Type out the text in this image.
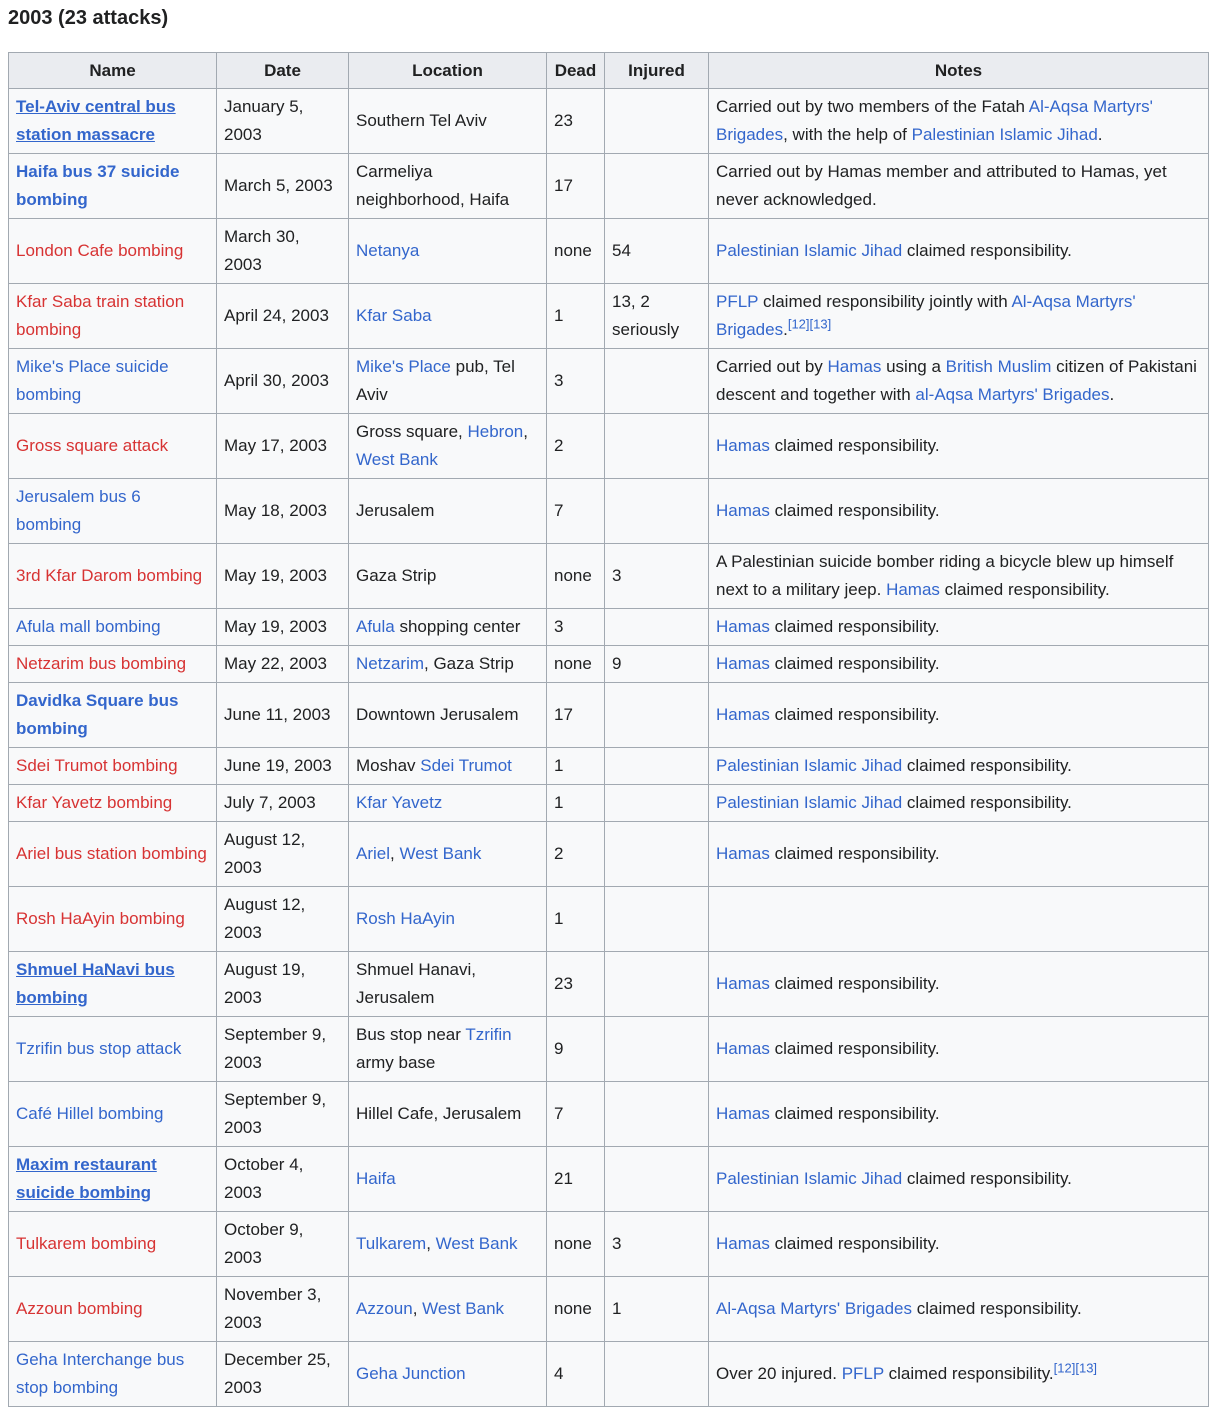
2003 (23 attacks)
Name	Date	Location	Dead	Injured	Notes
Tel-Aviv central bus station massacre	January 5, 2003	Southern Tel Aviv	23		Carried out by two members of the Fatah Al-Aqsa Martyrs' Brigades, with the help of Palestinian Islamic Jihad.
Haifa bus 37 suicide bombing	March 5, 2003	Carmeliya neighborhood, Haifa	17		Carried out by Hamas member and attributed to Hamas, yet never acknowledged.
London Cafe bombing	March 30, 2003	Netanya	none	54	Palestinian Islamic Jihad claimed responsibility.
Kfar Saba train station bombing	April 24, 2003	Kfar Saba	1	13, 2 seriously	PFLP claimed responsibility jointly with Al-Aqsa Martyrs' Brigades.[12][13]
Mike's Place suicide bombing	April 30, 2003	Mike's Place pub, Tel Aviv	3		Carried out by Hamas using a British Muslim citizen of Pakistani descent and together with al-Aqsa Martyrs' Brigades.
Gross square attack	May 17, 2003	Gross square, Hebron, West Bank	2		Hamas claimed responsibility.
Jerusalem bus 6 bombing	May 18, 2003	Jerusalem	7		Hamas claimed responsibility.
3rd Kfar Darom bombing	May 19, 2003	Gaza Strip	none	3	A Palestinian suicide bomber riding a bicycle blew up himself next to a military jeep. Hamas claimed responsibility.
Afula mall bombing	May 19, 2003	Afula shopping center	3		Hamas claimed responsibility.
Netzarim bus bombing	May 22, 2003	Netzarim, Gaza Strip	none	9	Hamas claimed responsibility.
Davidka Square bus bombing	June 11, 2003	Downtown Jerusalem	17		Hamas claimed responsibility.
Sdei Trumot bombing	June 19, 2003	Moshav Sdei Trumot	1		Palestinian Islamic Jihad claimed responsibility.
Kfar Yavetz bombing	July 7, 2003	Kfar Yavetz	1		Palestinian Islamic Jihad claimed responsibility.
Ariel bus station bombing	August 12, 2003	Ariel, West Bank	2		Hamas claimed responsibility.
Rosh HaAyin bombing	August 12, 2003	Rosh HaAyin	1		
Shmuel HaNavi bus bombing	August 19, 2003	Shmuel Hanavi, Jerusalem	23		Hamas claimed responsibility.
Tzrifin bus stop attack	September 9, 2003	Bus stop near Tzrifin army base	9		Hamas claimed responsibility.
Café Hillel bombing	September 9, 2003	Hillel Cafe, Jerusalem	7		Hamas claimed responsibility.
Maxim restaurant suicide bombing	October 4, 2003	Haifa	21		Palestinian Islamic Jihad claimed responsibility.
Tulkarem bombing	October 9, 2003	Tulkarem, West Bank	none	3	Hamas claimed responsibility.
Azzoun bombing	November 3, 2003	Azzoun, West Bank	none	1	Al-Aqsa Martyrs' Brigades claimed responsibility.
Geha Interchange bus stop bombing	December 25, 2003	Geha Junction	4		Over 20 injured. PFLP claimed responsibility.[12][13]
